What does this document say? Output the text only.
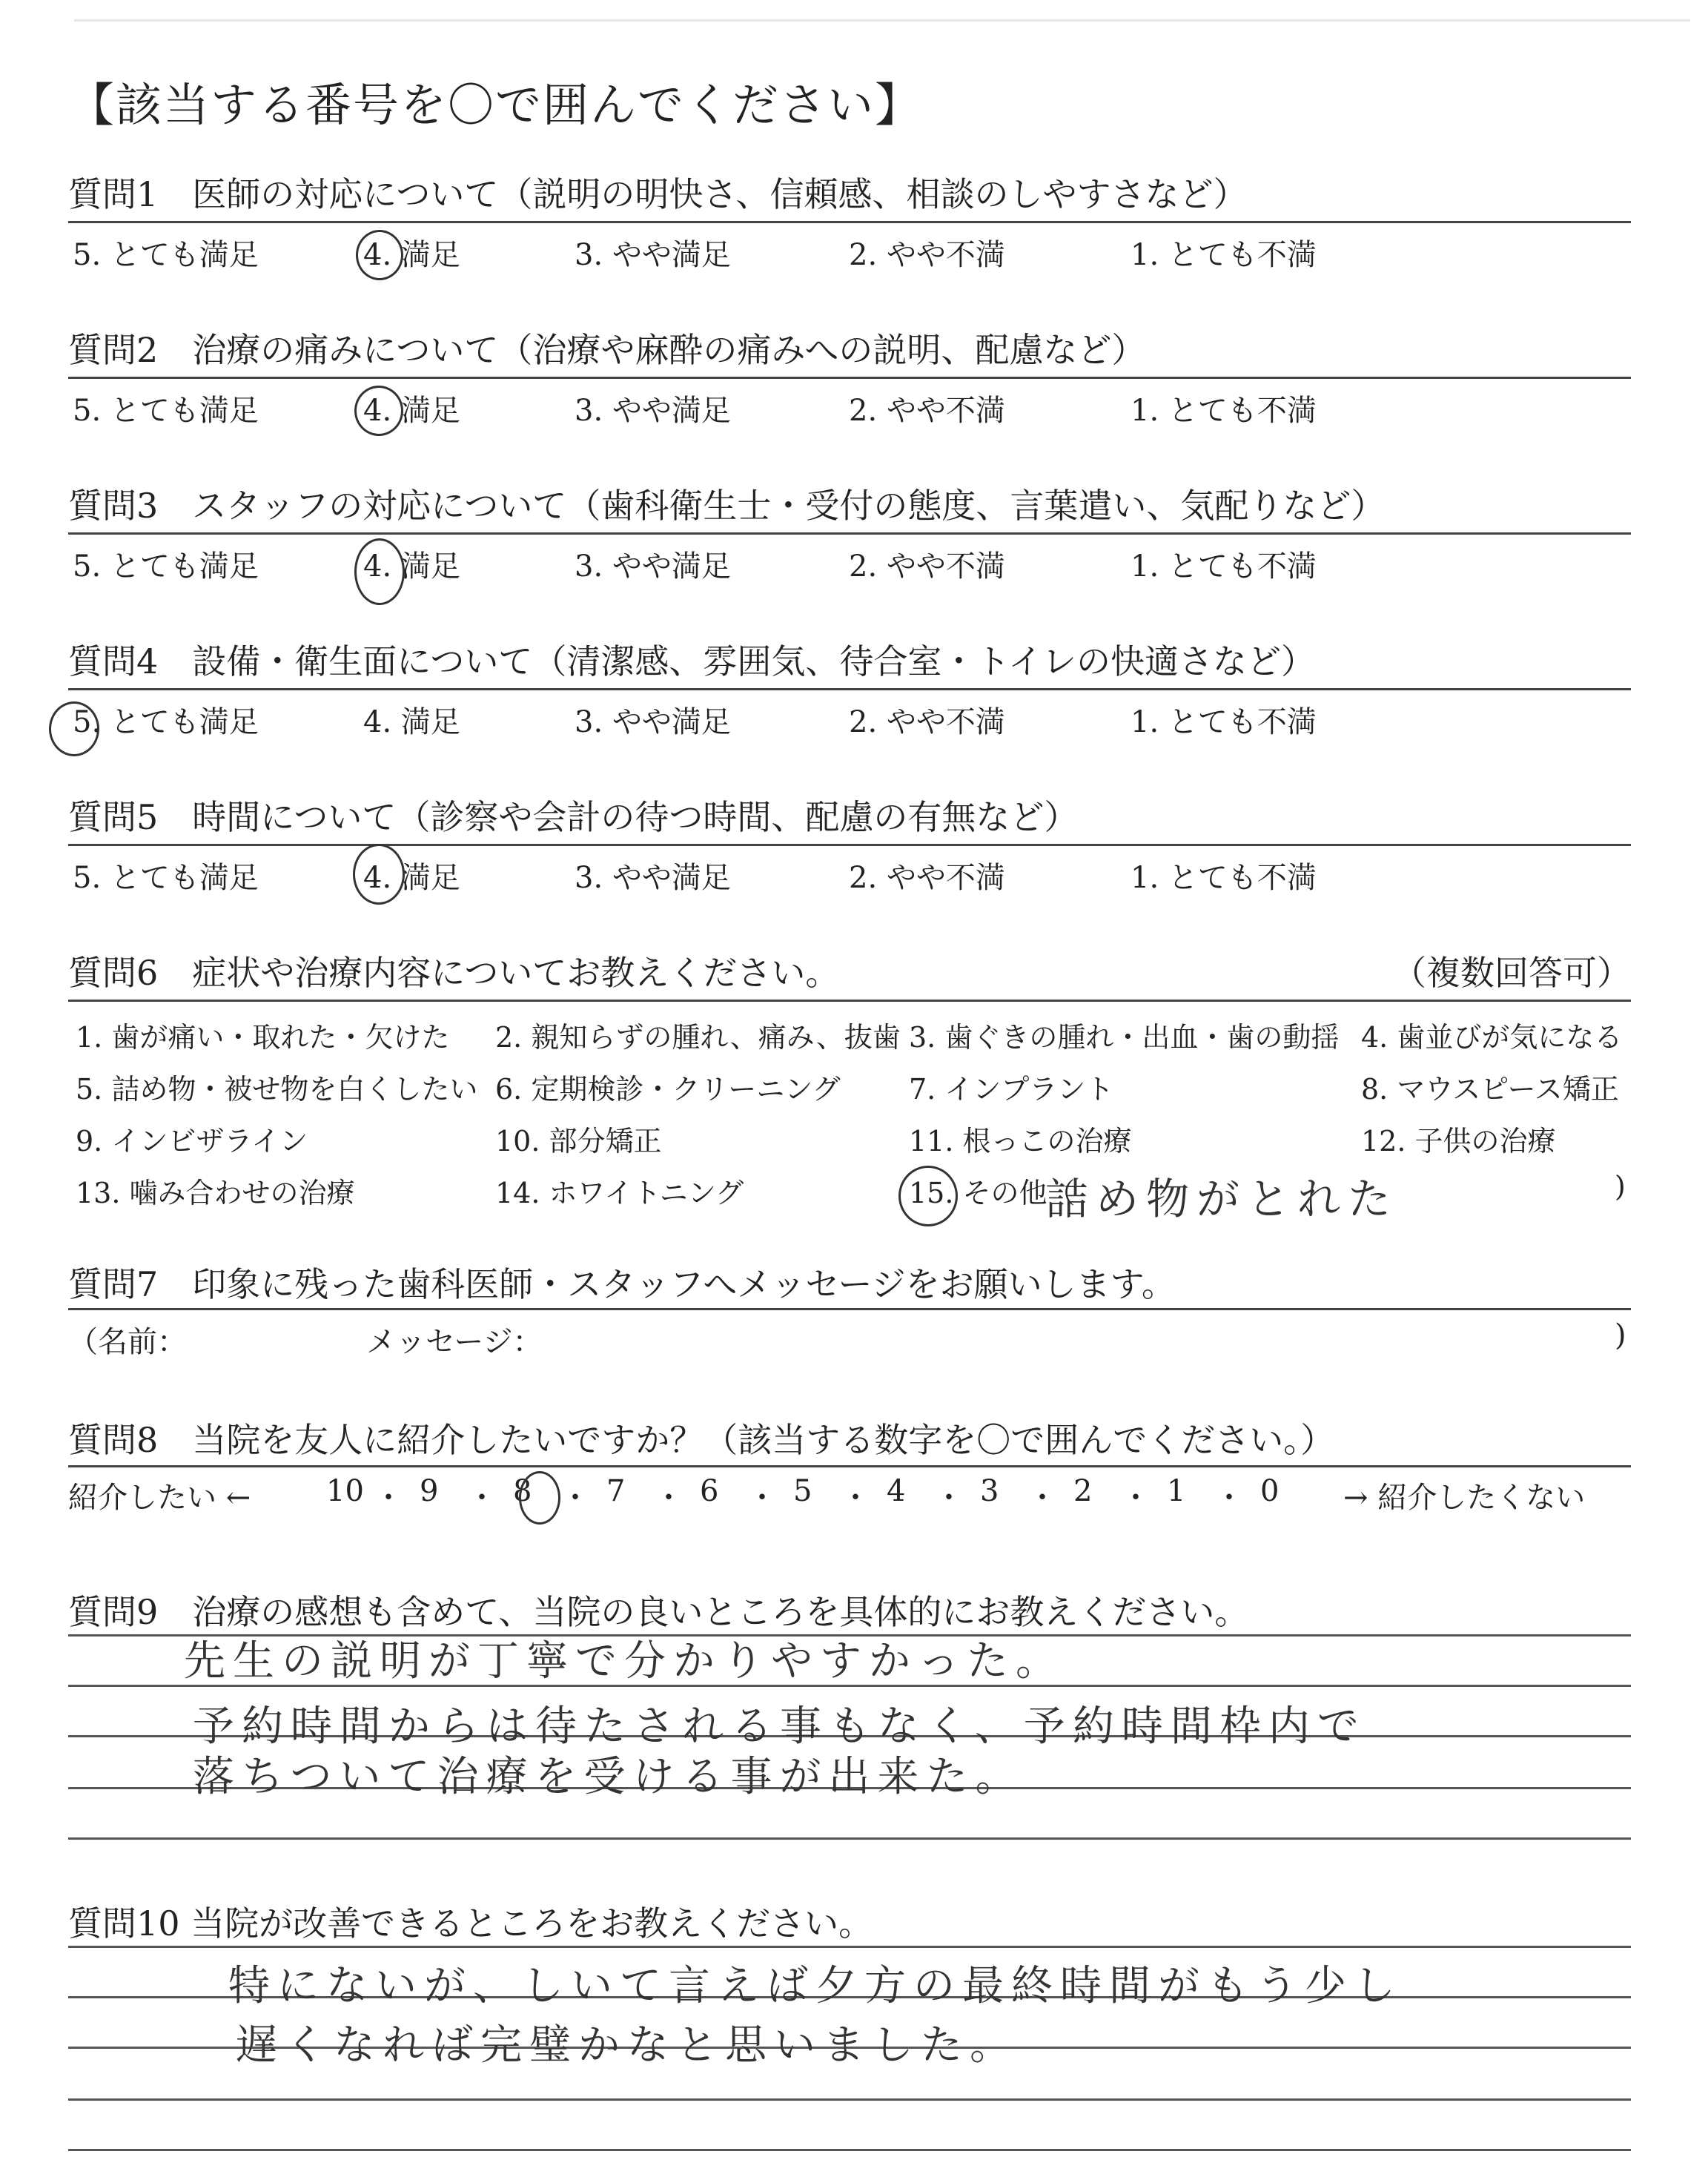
【該当する番号を〇で囲んでください】
質問1　医師の対応について（説明の明快さ、信頼感、相談のしやすさなど）
5. とても満足	4. 満足	3. やや満足	2. やや不満	1. とても不満
質問2　治療の痛みについて（治療や麻酔の痛みへの説明、配慮など）
5. とても満足	4. 満足	3. やや満足	2. やや不満	1. とても不満
質問3　スタッフの対応について（歯科衛生士・受付の態度、言葉遣い、気配りなど）
5. とても満足	4. 満足	3. やや満足	2. やや不満	1. とても不満
質問4　設備・衛生面について（清潔感、雰囲気、待合室・トイレの快適さなど）
5. とても満足	4. 満足	3. やや満足	2. やや不満	1. とても不満
質問5　時間について（診察や会計の待つ時間、配慮の有無など）
5. とても満足	4. 満足	3. やや満足	2. やや不満	1. とても不満
質問6　症状や治療内容についてお教えください。	（複数回答可）
1. 歯が痛い・取れた・欠けた 2. 親知らずの腫れ、痛み、抜歯 3. 歯ぐきの腫れ・出血・歯の動揺 4. 歯並びが気になる
5. 詰め物・被せ物を白くしたい 6. 定期検診・クリーニング 7. インプラント	8. マウスピース矯正
9. インビザライン	10. 部分矯正	11. 根っこの治療	12. 子供の治療
13. 噛み合わせの治療	14. ホワイトニング	15. その他（	)
詰め物がとれた
質問7　印象に残った歯科医師・スタッフへメッセージをお願いします。
（名前：	メッセージ：	)
質問8　当院を友人に紹介したいですか？（該当する数字を〇で囲んでください。）
紹介したい ←	→ 紹介したくない
10 ・ 9 ・ 8 ・ 7 ・ 6 ・ 5 ・ 4 ・ 3 ・ 2 ・ 1 ・ 0
質問9　治療の感想も含めて、当院の良いところを具体的にお教えください。
先生の説明が丁寧で分かりやすかった。
予約時間からは待たされる事もなく、予約時間枠内で
落ちついて治療を受ける事が出来た。
質問10 当院が改善できるところをお教えください。
特にないが、しいて言えば夕方の最終時間がもう少し
遅くなれば完璧かなと思いました。
